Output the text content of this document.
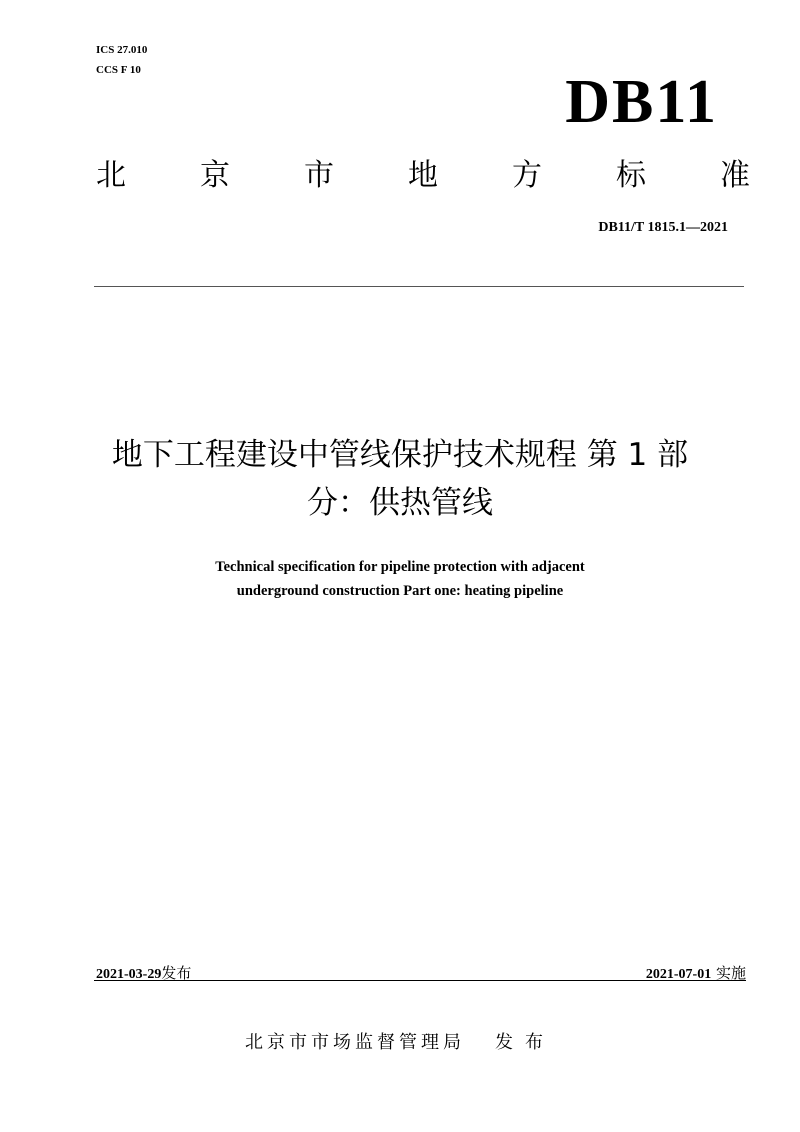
ICS 27.010
CCS F 10	DB11
北 京 市 地 方 标 准
DB11/T 1815.1—2021
地下工程建设中管线保护技术规程 第 1 部
分：供热管线
Technical specification for pipeline protection with adjacent
underground construction Part one: heating pipeline
2021-03-29发布	2021-07-01 实施
北京市市场监督管理局 发布
